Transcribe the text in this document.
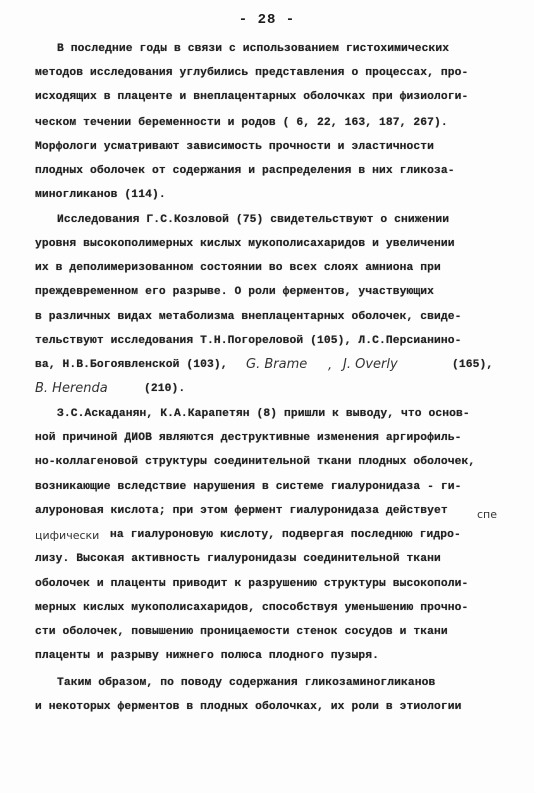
- 28 -
В последние годы в связи с использованием гистохимических
методов исследования углубились представления о процессах, про-
исходящих в плаценте и внеплацентарных оболочках при физиологи-
ческом течении беременности и родов ( 6, 22, 163, 187, 267).
Морфологи усматривают зависимость прочности и эластичности
плодных оболочек от содержания и распределения в них гликоза-
миногликанов (114).
Исследования Г.С.Козловой (75) свидетельствуют о снижении
уровня высокополимерных кислых мукополисахаридов и увеличении
их в деполимеризованном состоянии во всех слоях амниона при
преждевременном его разрыве. О роли ферментов, участвующих
в различных видах метаболизма внеплацентарных оболочек, свиде-
тельствуют исследования Т.Н.Погореловой (105), Л.С.Персианино-
ва, Н.В.Богоявленской (103), G. Brame , J. Overly	(165),
B. Herenda	(210).
З.С.Аскаданян, К.А.Карапетян (8) пришли к выводу, что основ-
ной причиной ДИОВ являются деструктивные изменения аргирофиль-
но-коллагеновой структуры соединительной ткани плодных оболочек,
возникающие вследствие нарушения в системе гиалуронидаза - ги-
алуроновая кислота; при этом фермент гиалуронидаза действует	спе
цифически на гиалуроновую кислоту, подвергая последнюю гидро-
лизу. Высокая активность гиалуронидазы соединительной ткани
оболочек и плаценты приводит к разрушению структуры высокополи-
мерных кислых мукополисахаридов, способствуя уменьшению прочно-
сти оболочек, повышению проницаемости стенок сосудов и ткани
плаценты и разрыву нижнего полюса плодного пузыря.
Таким образом, по поводу содержания гликозаминогликанов
и некоторых ферментов в плодных оболочках, их роли в этиологии
